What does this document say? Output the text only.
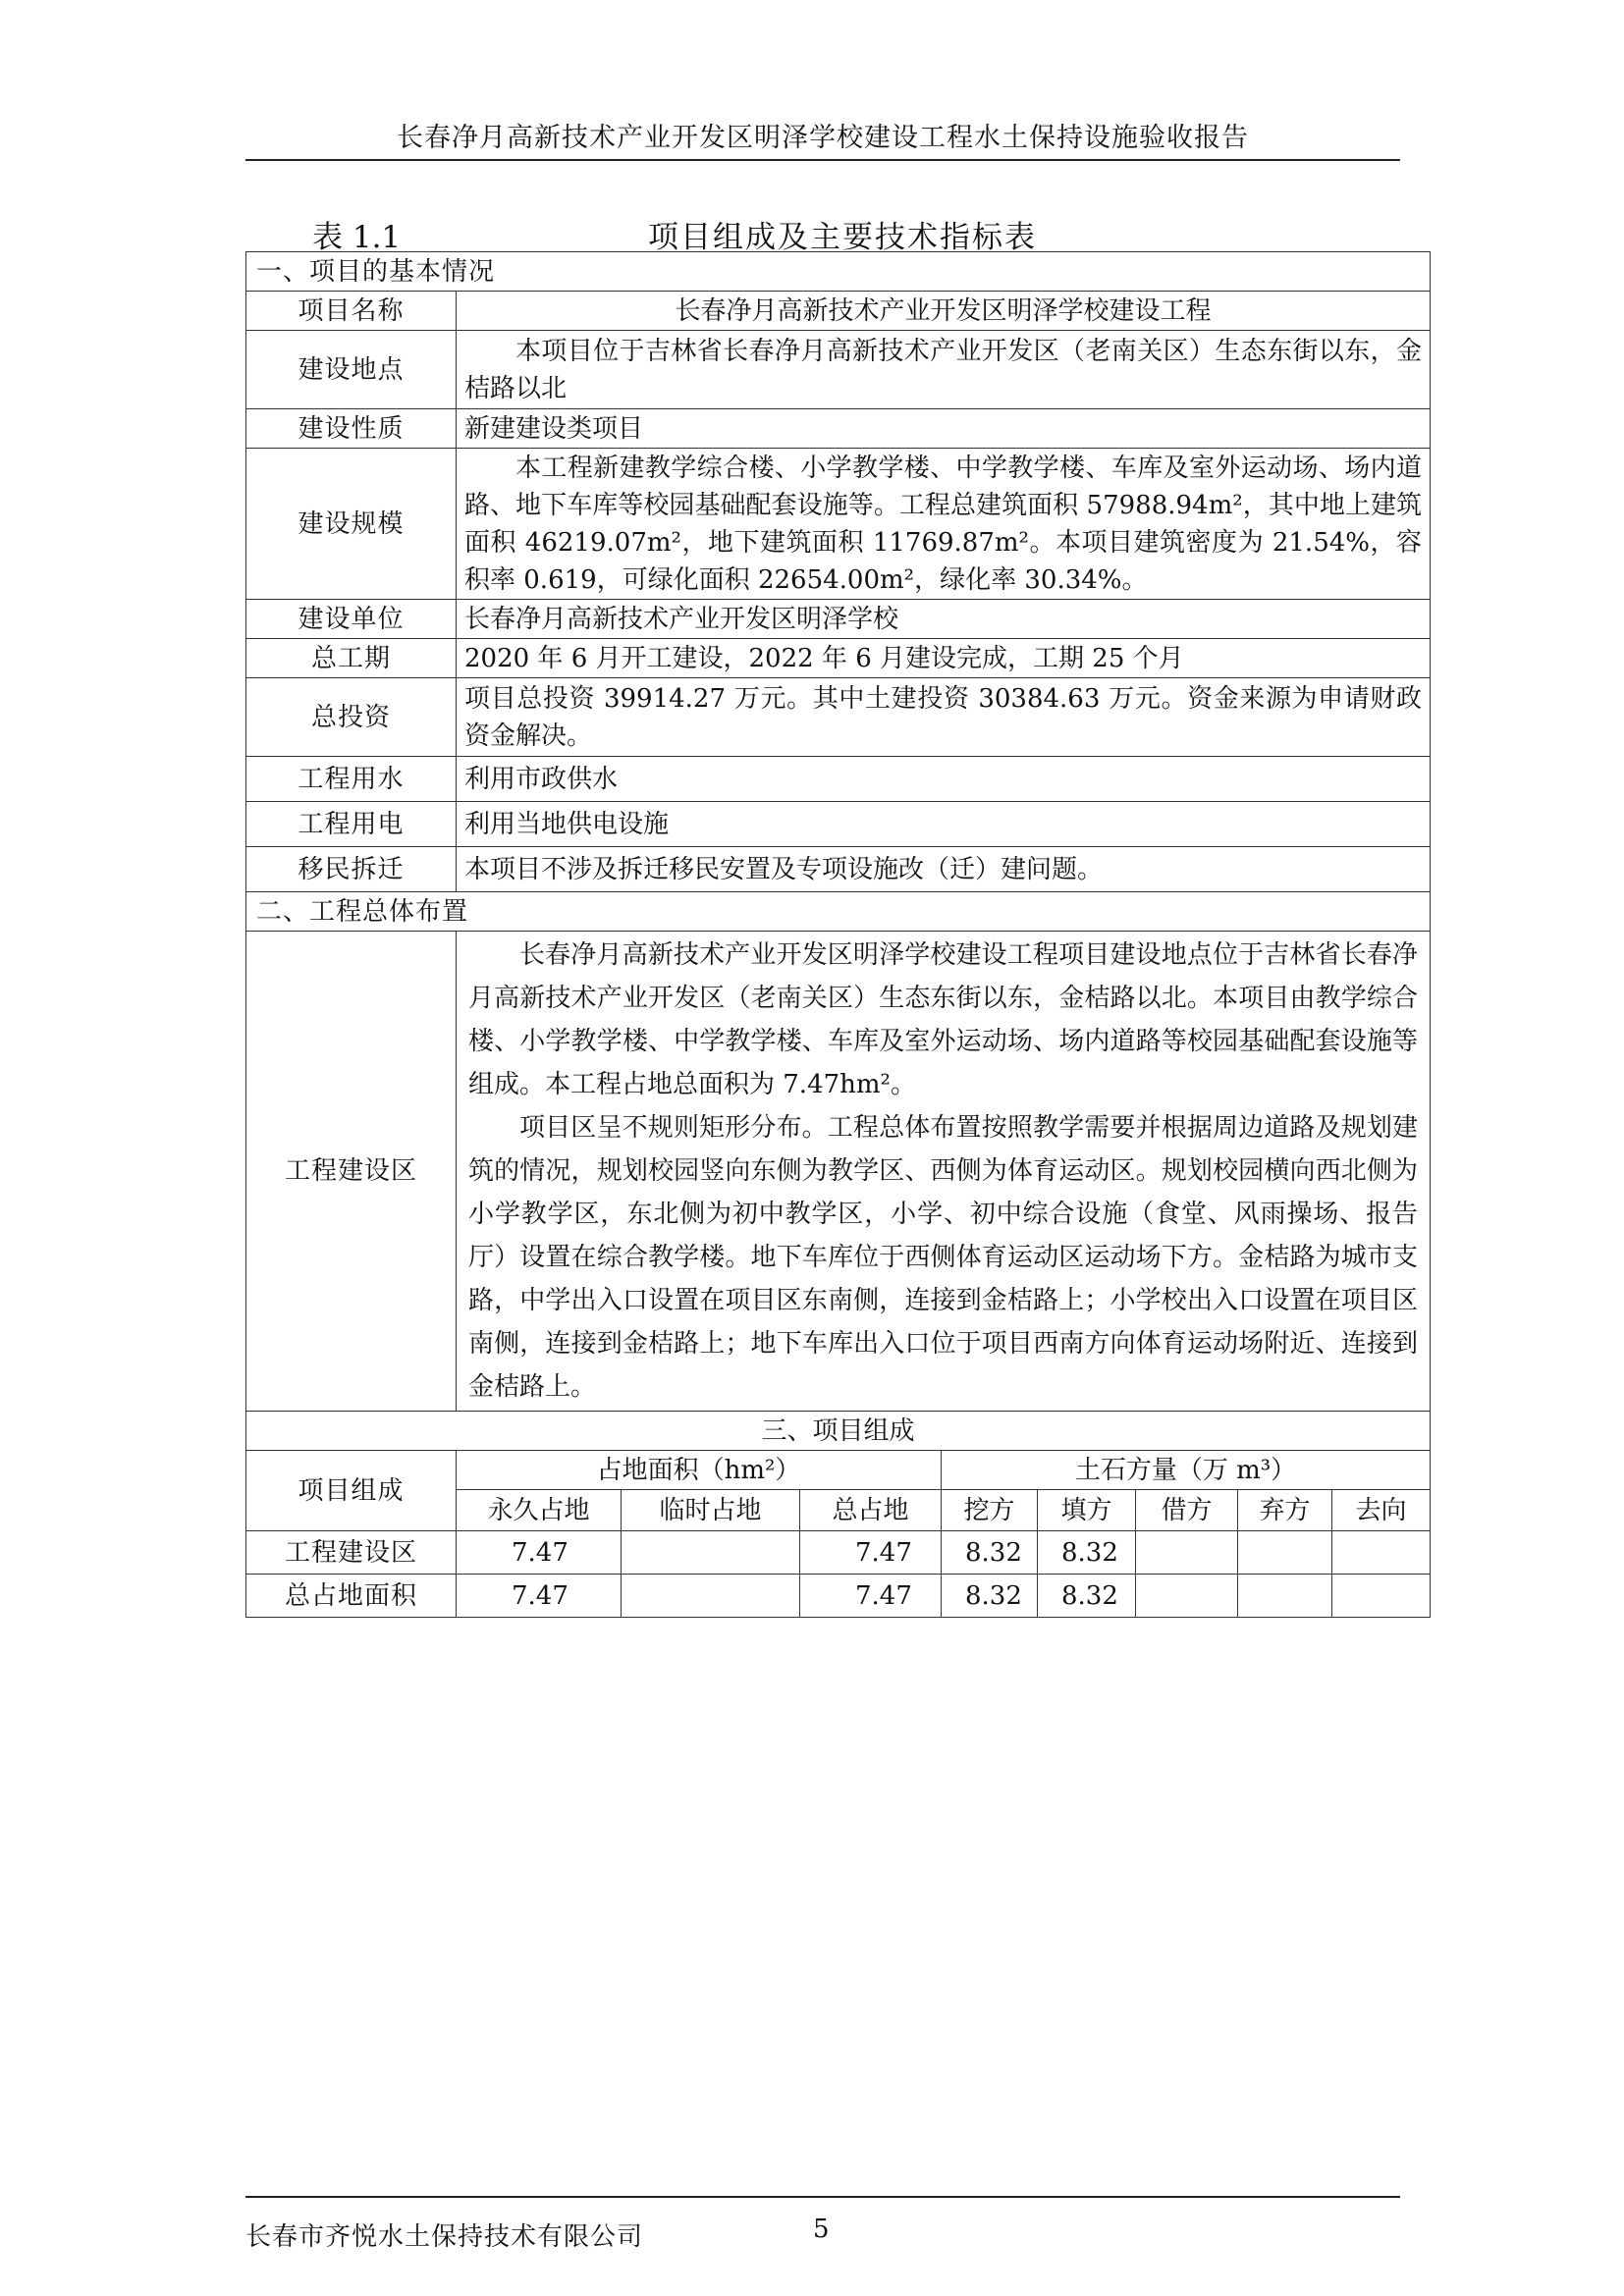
长春净月高新技术产业开发区明泽学校建设工程水土保持设施验收报告
表 1.1	项目组成及主要技术指标表
一、项目的基本情况								
项目名称	长春净月高新技术产业开发区明泽学校建设工程							
建设地点	本项目位于吉林省长春净月高新技术产业开发区（老南关区）生态东街以东，金桔路以北							
建设性质	新建建设类项目							
建设规模	本工程新建教学综合楼、小学教学楼、中学教学楼、车库及室外运动场、场内道路、地下车库等校园基础配套设施等。工程总建筑面积 57988.94m²，其中地上建筑面积 46219.07m²，地下建筑面积 11769.87m²。本项目建筑密度为 21.54%，容积率 0.619，可绿化面积 22654.00m²，绿化率 30.34%。							
建设单位	长春净月高新技术产业开发区明泽学校							
总工期	2020 年 6 月开工建设，2022 年 6 月建设完成，工期 25 个月							
总投资	项目总投资 39914.27 万元。其中土建投资 30384.63 万元。资金来源为申请财政资金解决。							
工程用水	利用市政供水							
工程用电	利用当地供电设施							
移民拆迁	本项目不涉及拆迁移民安置及专项设施改（迁）建问题。							
二、工程总体布置								
工程建设区	长春净月高新技术产业开发区明泽学校建设工程项目建设地点位于吉林省长春净月高新技术产业开发区（老南关区）生态东街以东，金桔路以北。本项目由教学综合楼、小学教学楼、中学教学楼、车库及室外运动场、场内道路等校园基础配套设施等组成。本工程占地总面积为 7.47hm²。

项目区呈不规则矩形分布。工程总体布置按照教学需要并根据周边道路及规划建筑的情况，规划校园竖向东侧为教学区、西侧为体育运动区。规划校园横向西北侧为小学教学区，东北侧为初中教学区，小学、初中综合设施（食堂、风雨操场、报告厅）设置在综合教学楼。地下车库位于西侧体育运动区运动场下方。金桔路为城市支路，中学出入口设置在项目区东南侧，连接到金桔路上；小学校出入口设置在项目区南侧，连接到金桔路上；地下车库出入口位于项目西南方向体育运动场附近、连接到金桔路上。							

三、项目组成								
项目组成	占地面积（hm²）			土石方量（万 m³）				
	永久占地	临时占地	总占地	挖方	填方	借方	弃方	去向
工程建设区	7.47		7.47	8.32	8.32			
总占地面积	7.47		7.47	8.32	8.32			
长春市齐悦水土保持技术有限公司	5
